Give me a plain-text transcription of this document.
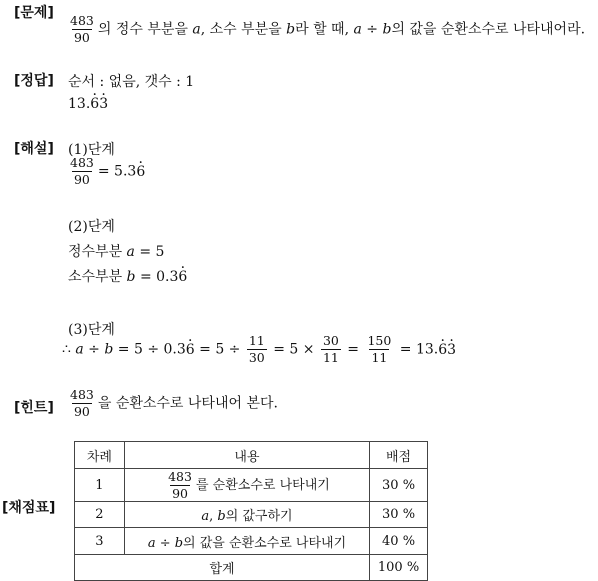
[문제]
[정답]
[해설]
[힌트]
[채점표]
$\frac{483}{90}$ 의 정수 부분을 a, 소수 부분을 b라 할 때, a ÷ b의 값을 순환소수로 나타내어라.
순서 : 없음, 갯수 : 1
13.· 6· 3
(1)단계
$\frac{483}{90} = 5.3\cdot 6$
(2)단계
정수부분 a = 5
소수부분 b = 0.3· 6
(3)단계
∴ $a \div b = 5 \div 0.3\cdot 6 = 5 \div \frac{11}{30} = 5 \times \frac{30}{11} = \frac{150}{11} = 13.\cdot 6\cdot 3$
$\frac{483}{90}$ 을 순환소수로 나타내어 본다.
차례	내용	배점
1	$\frac{483}{90}$ 를 순환소수로 나타내기	30 %
2	a, b의 값구하기	30 %
3	a ÷ b의 값을 순환소수로 나타내기	40 %
합계		100 %
